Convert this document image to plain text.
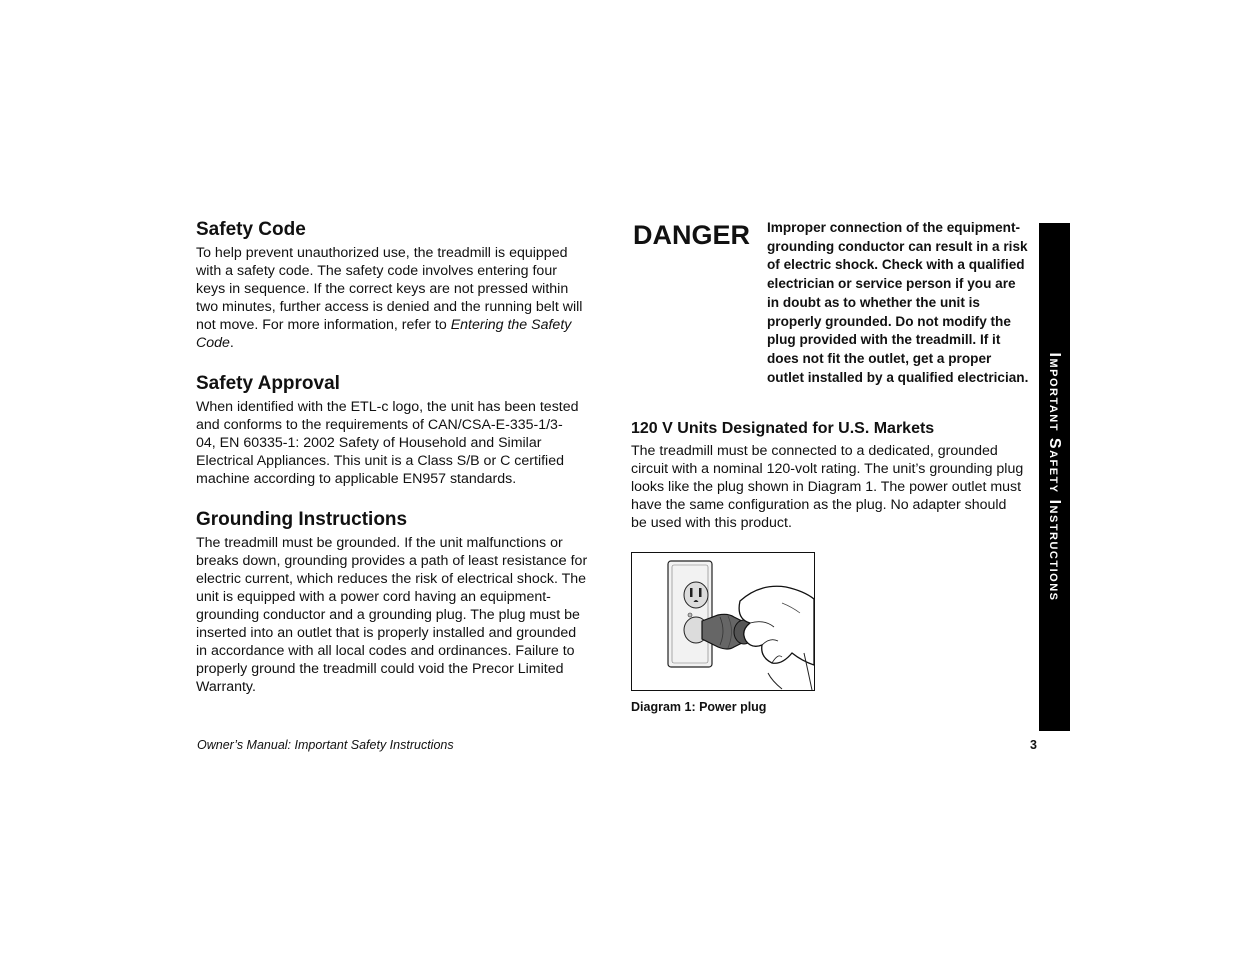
Safety Code

To help prevent unauthorized use, the treadmill is equipped with a safety code. The safety code involves entering four keys in sequence. If the correct keys are not pressed within two minutes, further access is denied and the running belt will not move. For more information, refer to Entering the Safety Code.

Safety Approval

When identified with the ETL-c logo, the unit has been tested and conforms to the requirements of CAN/CSA-E-335-1/3-04, EN 60335-1: 2002 Safety of Household and Similar Electrical Appliances. This unit is a Class S/B or C certified machine according to applicable EN957 standards.

Grounding Instructions

The treadmill must be grounded. If the unit malfunctions or breaks down, grounding provides a path of least resistance for electric current, which reduces the risk of electrical shock. The unit is equipped with a power cord having an equipment-grounding conductor and a grounding plug. The plug must be inserted into an outlet that is properly installed and grounded in accordance with all local codes and ordinances. Failure to properly ground the treadmill could void the Precor Limited Warranty.

DANGER Improper connection of the equipment-grounding conductor can result in a risk of electric shock. Check with a qualified electrician or service person if you are in doubt as to whether the unit is properly grounded. Do not modify the plug provided with the treadmill. If it does not fit the outlet, get a proper outlet installed by a qualified electrician.
120 V Units Designated for U.S. Markets

The treadmill must be connected to a dedicated, grounded circuit with a nominal 120-volt rating. The unit’s grounding plug looks like the plug shown in Diagram 1. The power outlet must have the same configuration as the plug. No adapter should be used with this product.

Diagram 1: Power plug
Important Safety Instructions
Owner’s Manual: Important Safety Instructions	3
